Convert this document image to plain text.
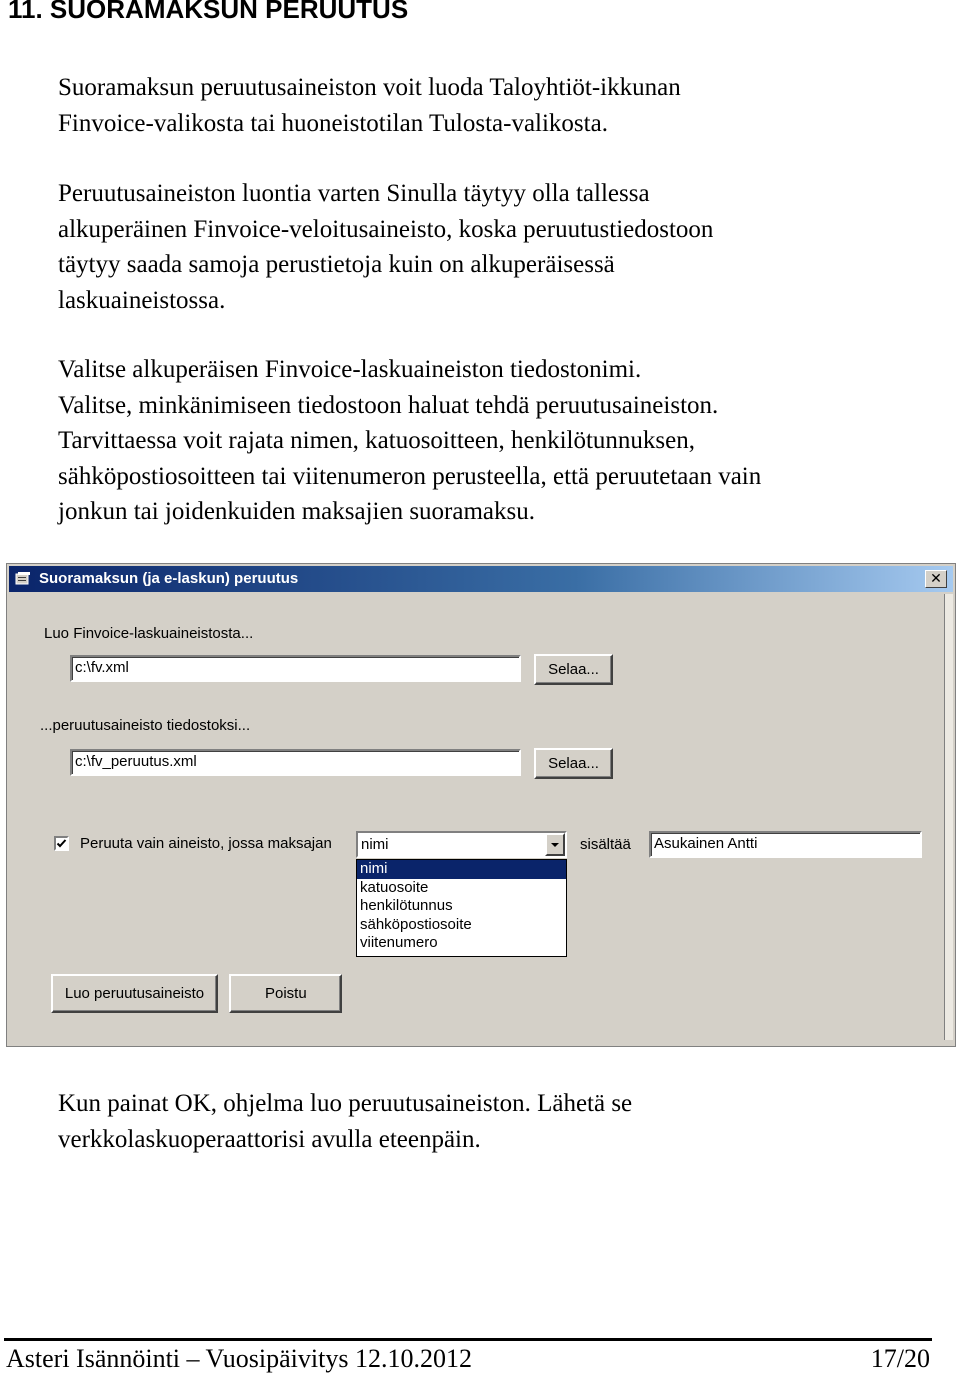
11. SUORAMAKSUN PERUUTUS
Suoramaksun peruutusaineiston voit luoda Taloyhtiöt-ikkunan
Finvoice-valikosta tai huoneistotilan Tulosta-valikosta.
Peruutusaineiston luontia varten Sinulla täytyy olla tallessa
alkuperäinen Finvoice-veloitusaineisto, koska peruutustiedostoon
täytyy saada samoja perustietoja kuin on alkuperäisessä
laskuaineistossa.
Valitse alkuperäisen Finvoice-laskuaineiston tiedostonimi.
Valitse, minkänimiseen tiedostoon haluat tehdä peruutusaineiston.
Tarvittaessa voit rajata nimen, katuosoitteen, henkilötunnuksen,
sähköpostiosoitteen tai viitenumeron perusteella, että peruutetaan vain
jonkun tai joidenkuiden maksajien suoramaksu.
Suoramaksun (ja e-laskun) peruutus	✕
Luo Finvoice-laskuaineistosta...
c:\fv.xml	Selaa...
...peruutusaineisto tiedostoksi...
c:\fv_peruutus.xml	Selaa...
Peruuta vain aineisto, jossa maksajan nimi	sisältää	Asukainen Antti
nimi
katuosoite
henkilötunnus
sähköpostiosoite
viitenumero
Luo peruutusaineisto	Poistu
Kun painat OK, ohjelma luo peruutusaineiston. Lähetä se
verkkolaskuoperaattorisi avulla eteenpäin.
Asteri Isännöinti – Vuosipäivitys 12.10.2012	17/20
